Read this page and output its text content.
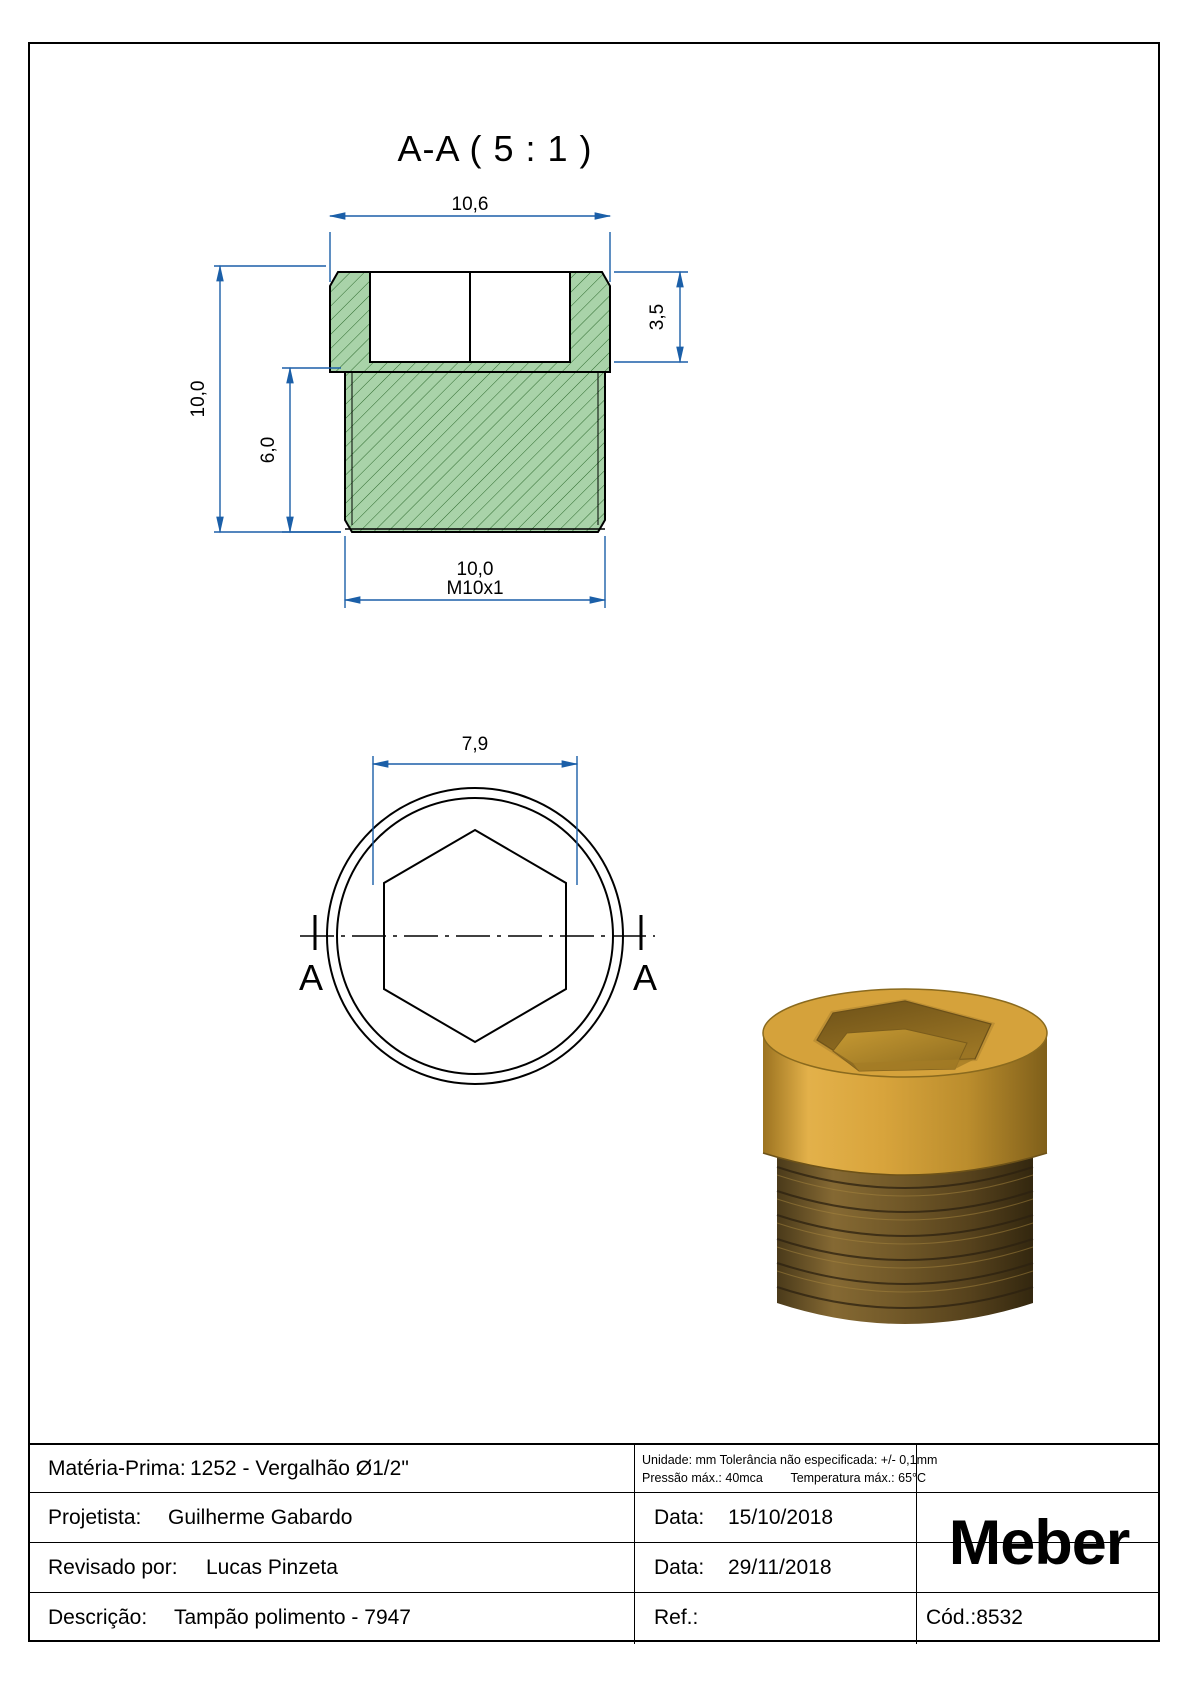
A-A ( 5 : 1 )
10,6
3,5
10,0
6,0
10,0
M10x1
7,9
A	A
Matéria-Prima: 1252 - Vergalhão Ø1/2"	Unidade: mm Tolerância não especificada: +/- 0,1mm
Pressão máx.: 40mca        Temperatura máx.: 65°C
Projetista:	Guilherme Gabardo	Data:	15/10/2018
Revisado por:	Lucas Pinzeta	Data:	29/11/2018
Descrição:	Tampão polimento - 7947	Ref.:
Meber
Cód.: 8532
